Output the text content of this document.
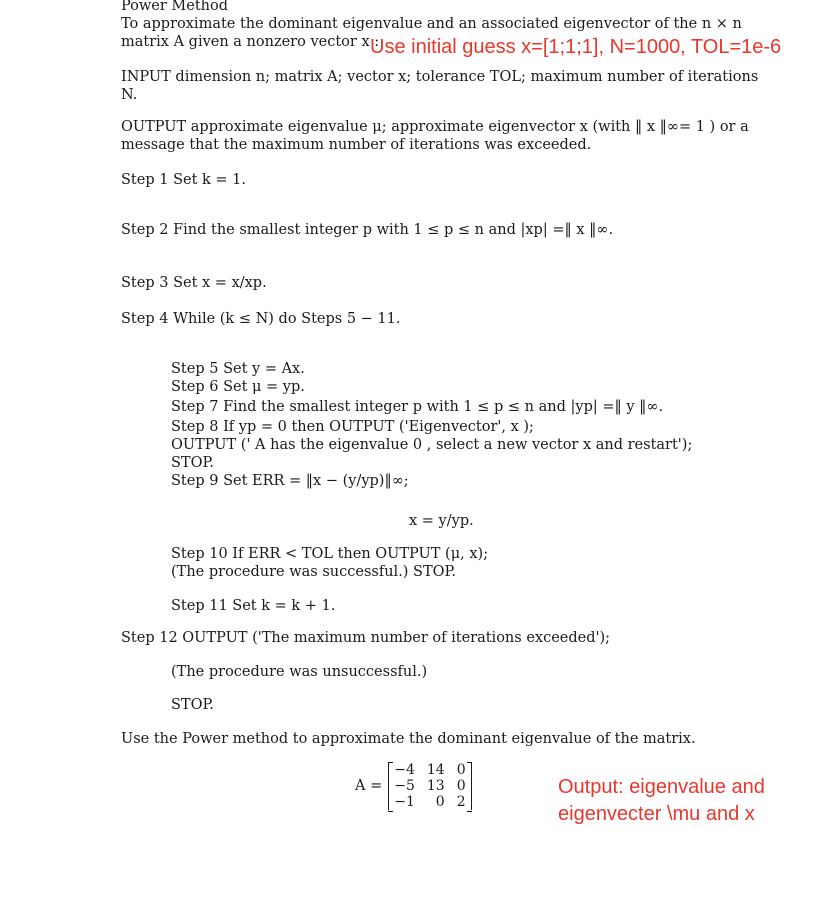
Power Method
To approximate the dominant eigenvalue and an associated eigenvector of the n × n
matrix A given a nonzero vector x :
Use initial guess x=[1;1;1], N=1000, TOL=1e-6
INPUT dimension n; matrix A; vector x; tolerance TOL; maximum number of iterations
N.
OUTPUT approximate eigenvalue μ; approximate eigenvector x (with ‖ x ‖∞= 1 ) or a
message that the maximum number of iterations was exceeded.
Step 1 Set k = 1.
Step 2 Find the smallest integer p with 1 ≤ p ≤ n and |xp| =‖ x ‖∞.
Step 3 Set x = x/xp.
Step 4 While (k ≤ N) do Steps 5 − 11.
Step 5 Set y = Ax.
Step 6 Set μ = yp.
Step 7 Find the smallest integer p with 1 ≤ p ≤ n and |yp| =‖ y ‖∞.
Step 8 If yp = 0 then OUTPUT ('Eigenvector', x );
OUTPUT (' A has the eigenvalue 0 , select a new vector x and restart');
STOP.
Step 9 Set ERR = ‖x − (y/yp)‖∞;
x = y/yp.
Step 10 If ERR < TOL then OUTPUT (μ, x);
(The procedure was successful.) STOP.
Step 11 Set k = k + 1.
Step 12 OUTPUT ('The maximum number of iterations exceeded');
(The procedure was unsuccessful.)
STOP.
Use the Power method to approximate the dominant eigenvalue of the matrix.
A =
−4 14 0
−5 13 0
−1	0 2
Output: eigenvalue and
eigenvecter \mu and x
